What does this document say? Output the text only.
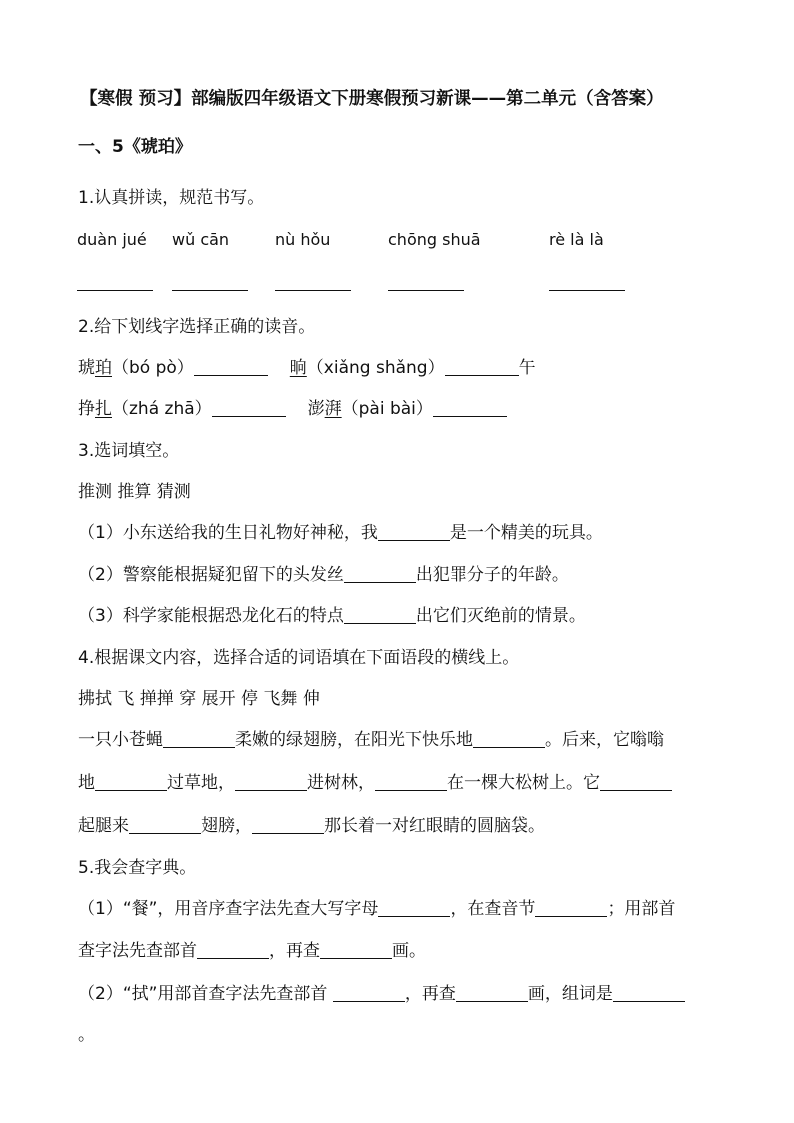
【寒假 预习】部编版四年级语文下册寒假预习新课——第二单元（含答案）
一、5《琥珀》
1.认真拼读，规范书写。
duàn jué wǔ cān	nù hǒu	chōng shuā	rè là là
2.给下划线字选择正确的读音。
琥珀（bó pò）	晌（xiǎng shǎng）	午
挣扎（zhá zhā）	澎湃（pài bài）
3.选词填空。
推测 推算 猜测
（1）小东送给我的生日礼物好神秘，我	是一个精美的玩具。
（2）警察能根据疑犯留下的头发丝	出犯罪分子的年龄。
（3）科学家能根据恐龙化石的特点	出它们灭绝前的情景。
4.根据课文内容，选择合适的词语填在下面语段的横线上。
拂拭 飞 掸掸 穿 展开 停 飞舞 伸
一只小苍蝇	柔嫩的绿翅膀，在阳光下快乐地	。后来，它嗡嗡
地	过草地，	进树林，	在一棵大松树上。它
起腿来	翅膀，	那长着一对红眼睛的圆脑袋。
5.我会查字典。
（1）“餐”，用音序查字法先查大写字母	，在查音节	；用部首
查字法先查部首	，再查	画。
（2）“拭”用部首查字法先查部首	，再查	画，组词是
。
